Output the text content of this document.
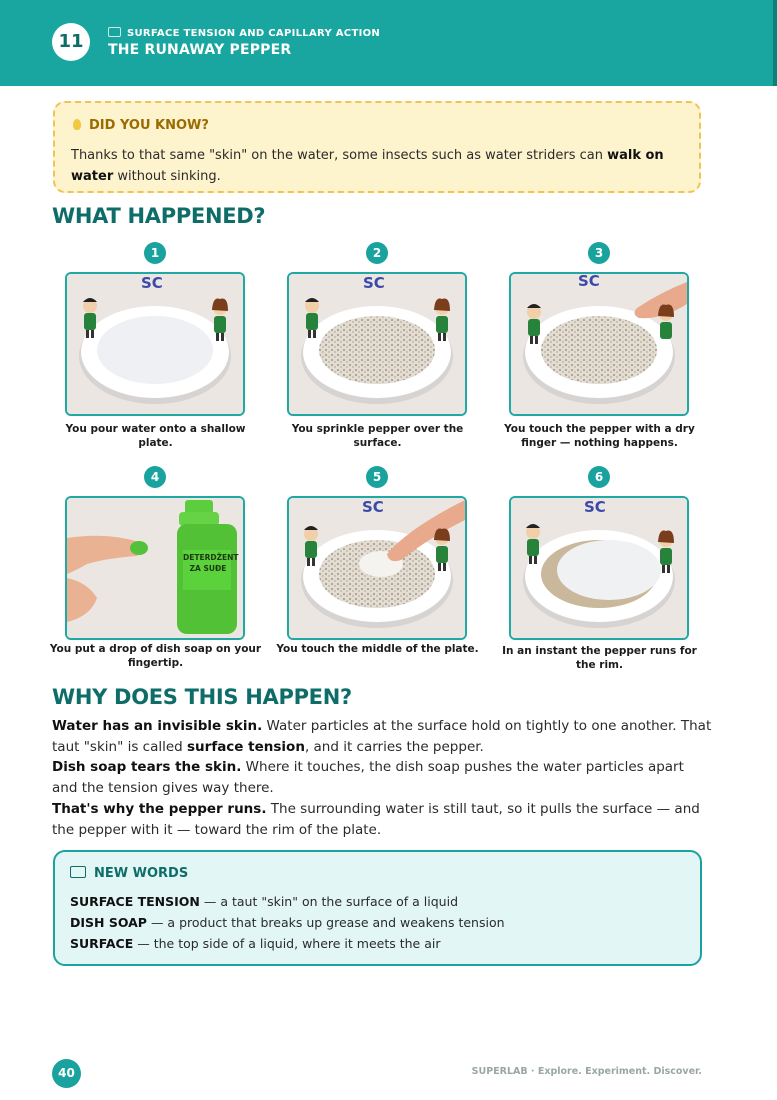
11	SURFACE TENSION AND CAPILLARY ACTION
THE RUNAWAY PEPPER
DID YOU KNOW?
Thanks to that same "skin" on the water, some insects such as water striders can walk on water without sinking.
WHAT HAPPENED?
1
SC
You pour water onto a shallow plate.
2
SC
You sprinkle pepper over the surface.
3
SC
You touch the pepper with a dry finger — nothing happens.
4
DETERDŽENT ZA SUĐE
You put a drop of dish soap on your fingertip.
5
SC
You touch the middle of the plate.
6
SC
In an instant the pepper runs for the rim.
WHY DOES THIS HAPPEN?

Water has an invisible skin. Water particles at the surface hold on tightly to one another. That taut "skin" is called surface tension, and it carries the pepper.

Dish soap tears the skin. Where it touches, the dish soap pushes the water particles apart and the tension gives way there.

That's why the pepper runs. The surrounding water is still taut, so it pulls the surface — and the pepper with it — toward the rim of the plate.

NEW WORDS
SURFACE TENSION — a taut "skin" on the surface of a liquid
DISH SOAP — a product that breaks up grease and weakens tension
SURFACE — the top side of a liquid, where it meets the air
40	SUPERLAB · Explore. Experiment. Discover.
